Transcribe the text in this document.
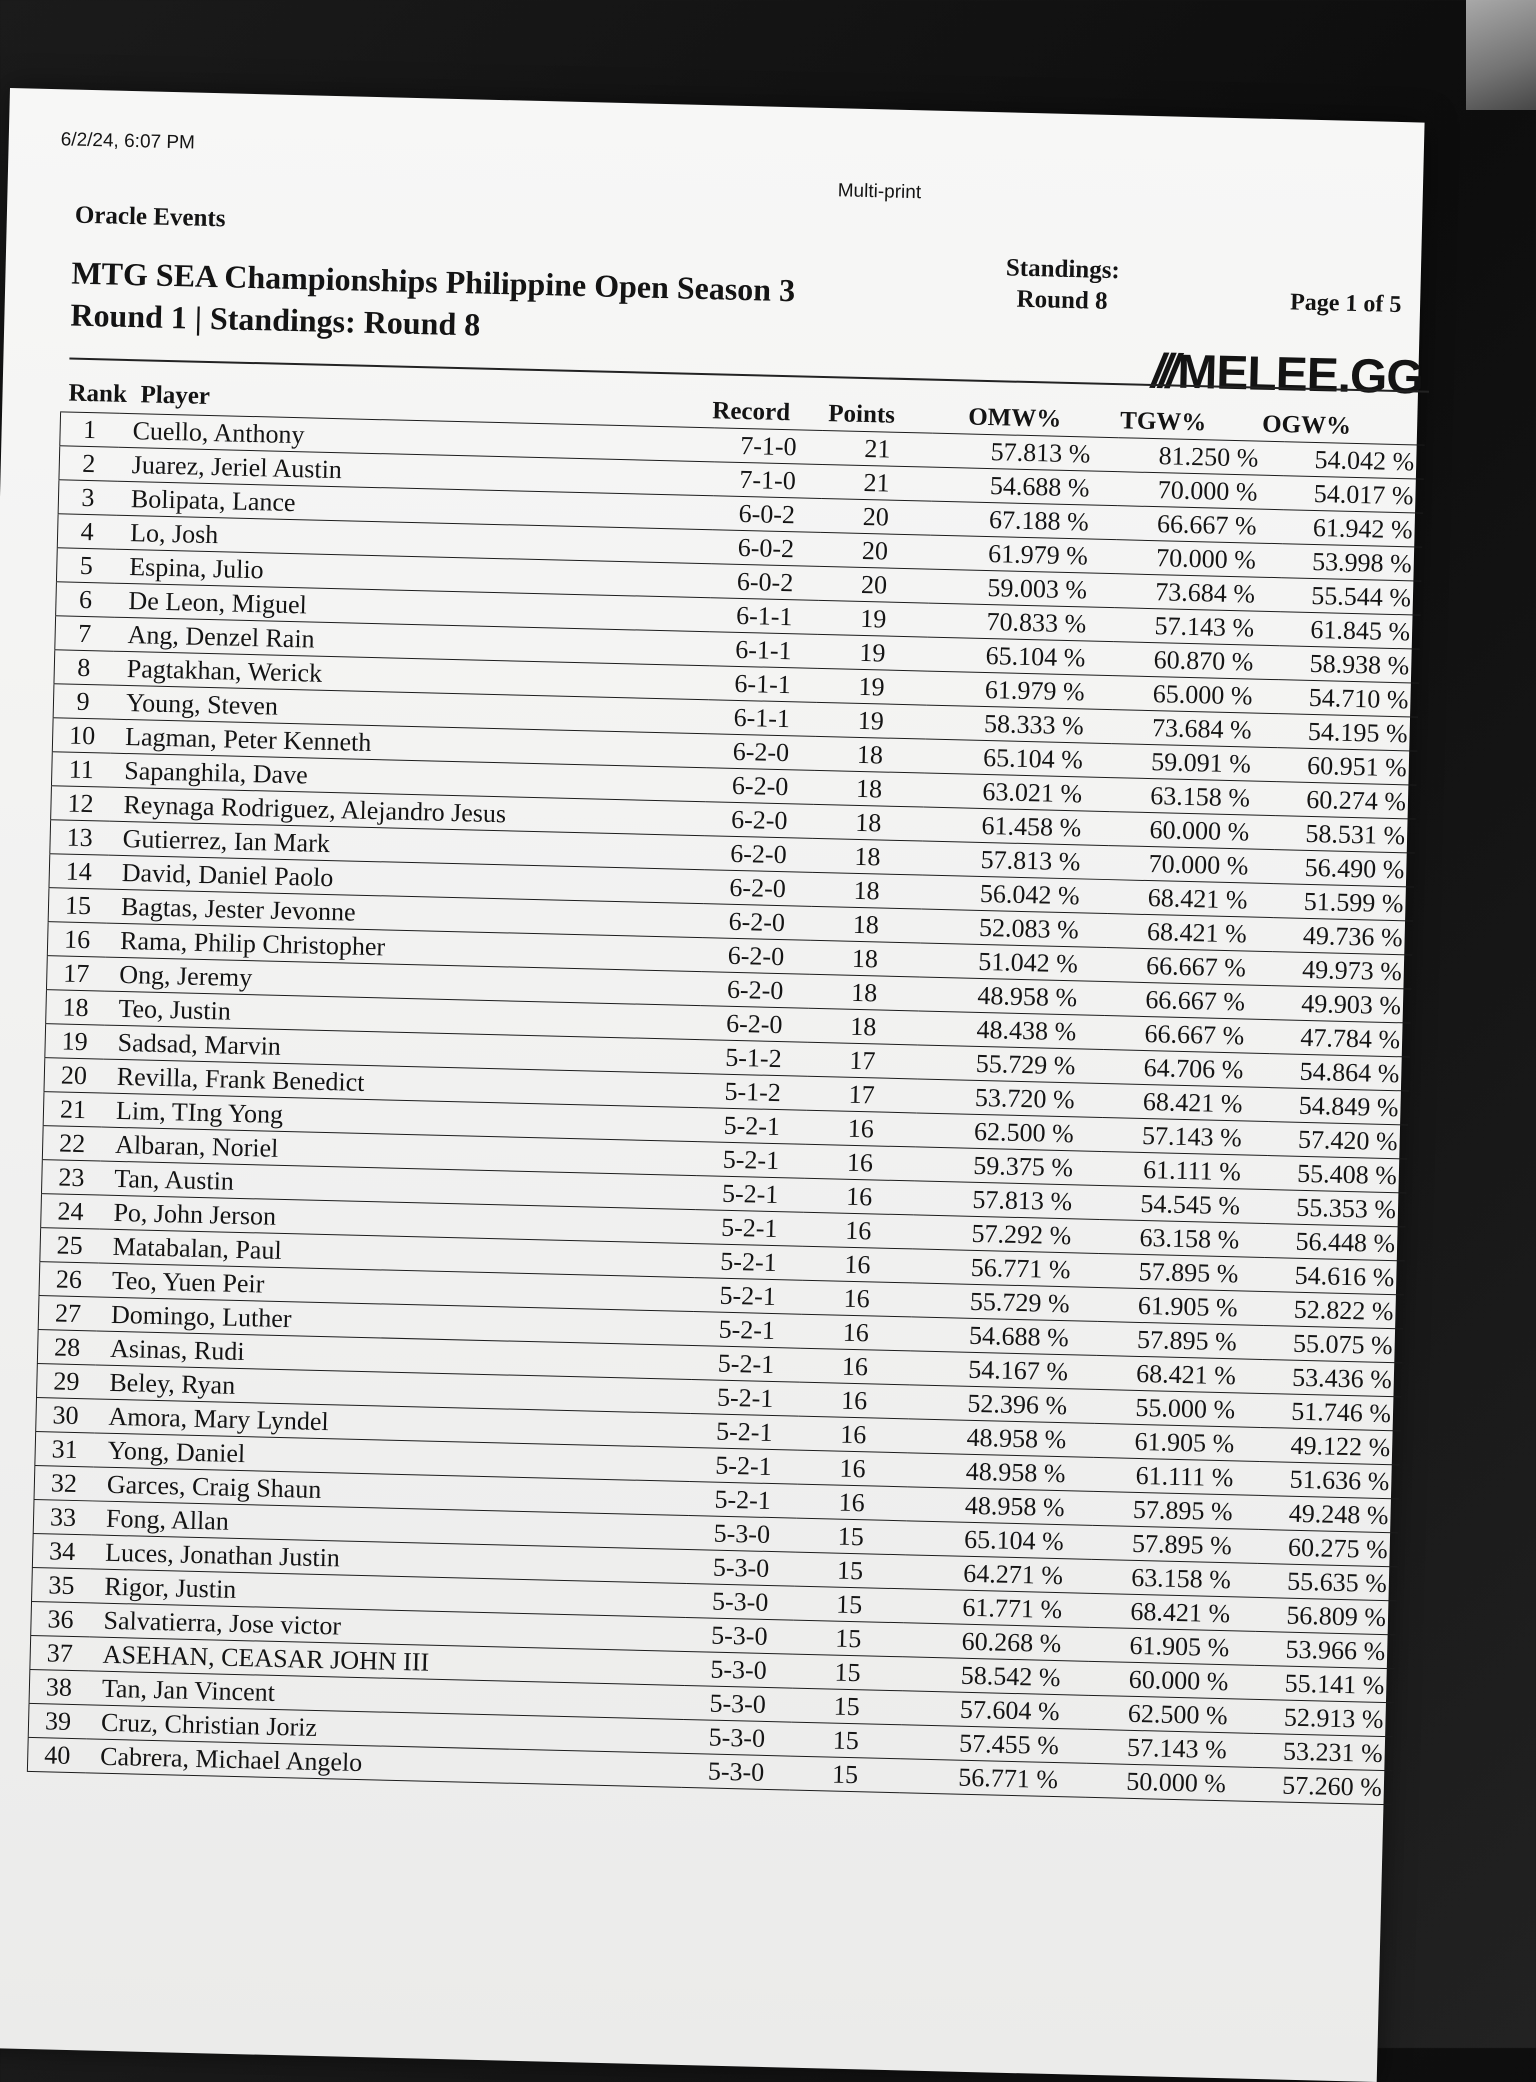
6/2/24, 6:07 PM
Multi-print
Oracle Events
MTG SEA Championships Philippine Open Season 3
Round 1 | Standings: Round 8
Standings:
Round 8	Page 1 of 5
/// MELEE.GG
Rank Player
Record Points	OMW% TGW% OGW%
1	Cuello, Anthony	7-1-0	21	57.813 %	81.250 %	54.042 %
2	Juarez, Jeriel Austin	7-1-0	21	54.688 %	70.000 %	54.017 %
3	Bolipata, Lance	6-0-2	20	67.188 %	66.667 %	61.942 %
4	Lo, Josh	6-0-2	20	61.979 %	70.000 %	53.998 %
5	Espina, Julio	6-0-2	20	59.003 %	73.684 %	55.544 %
6	De Leon, Miguel	6-1-1	19	70.833 %	57.143 %	61.845 %
7	Ang, Denzel Rain	6-1-1	19	65.104 %	60.870 %	58.938 %
8	Pagtakhan, Werick	6-1-1	19	61.979 %	65.000 %	54.710 %
9	Young, Steven	6-1-1	19	58.333 %	73.684 %	54.195 %
10	Lagman, Peter Kenneth	6-2-0	18	65.104 %	59.091 %	60.951 %
11	Sapanghila, Dave	6-2-0	18	63.021 %	63.158 %	60.274 %
12	Reynaga Rodriguez, Alejandro Jesus	6-2-0	18	61.458 %	60.000 %	58.531 %
13	Gutierrez, Ian Mark	6-2-0	18	57.813 %	70.000 %	56.490 %
14	David, Daniel Paolo	6-2-0	18	56.042 %	68.421 %	51.599 %
15	Bagtas, Jester Jevonne	6-2-0	18	52.083 %	68.421 %	49.736 %
16	Rama, Philip Christopher	6-2-0	18	51.042 %	66.667 %	49.973 %
17	Ong, Jeremy	6-2-0	18	48.958 %	66.667 %	49.903 %
18	Teo, Justin	6-2-0	18	48.438 %	66.667 %	47.784 %
19	Sadsad, Marvin	5-1-2	17	55.729 %	64.706 %	54.864 %
20	Revilla, Frank Benedict	5-1-2	17	53.720 %	68.421 %	54.849 %
21	Lim, TIng Yong	5-2-1	16	62.500 %	57.143 %	57.420 %
22	Albaran, Noriel	5-2-1	16	59.375 %	61.111 %	55.408 %
23	Tan, Austin	5-2-1	16	57.813 %	54.545 %	55.353 %
24	Po, John Jerson	5-2-1	16	57.292 %	63.158 %	56.448 %
25	Matabalan, Paul	5-2-1	16	56.771 %	57.895 %	54.616 %
26	Teo, Yuen Peir	5-2-1	16	55.729 %	61.905 %	52.822 %
27	Domingo, Luther	5-2-1	16	54.688 %	57.895 %	55.075 %
28	Asinas, Rudi	5-2-1	16	54.167 %	68.421 %	53.436 %
29	Beley, Ryan	5-2-1	16	52.396 %	55.000 %	51.746 %
30	Amora, Mary Lyndel	5-2-1	16	48.958 %	61.905 %	49.122 %
31	Yong, Daniel	5-2-1	16	48.958 %	61.111 %	51.636 %
32	Garces, Craig Shaun	5-2-1	16	48.958 %	57.895 %	49.248 %
33	Fong, Allan	5-3-0	15	65.104 %	57.895 %	60.275 %
34	Luces, Jonathan Justin	5-3-0	15	64.271 %	63.158 %	55.635 %
35	Rigor, Justin	5-3-0	15	61.771 %	68.421 %	56.809 %
36	Salvatierra, Jose victor	5-3-0	15	60.268 %	61.905 %	53.966 %
37	ASEHAN, CEASAR JOHN III	5-3-0	15	58.542 %	60.000 %	55.141 %
38	Tan, Jan Vincent	5-3-0	15	57.604 %	62.500 %	52.913 %
39	Cruz, Christian Joriz	5-3-0	15	57.455 %	57.143 %	53.231 %
40	Cabrera, Michael Angelo	5-3-0	15	56.771 %	50.000 %	57.260 %
